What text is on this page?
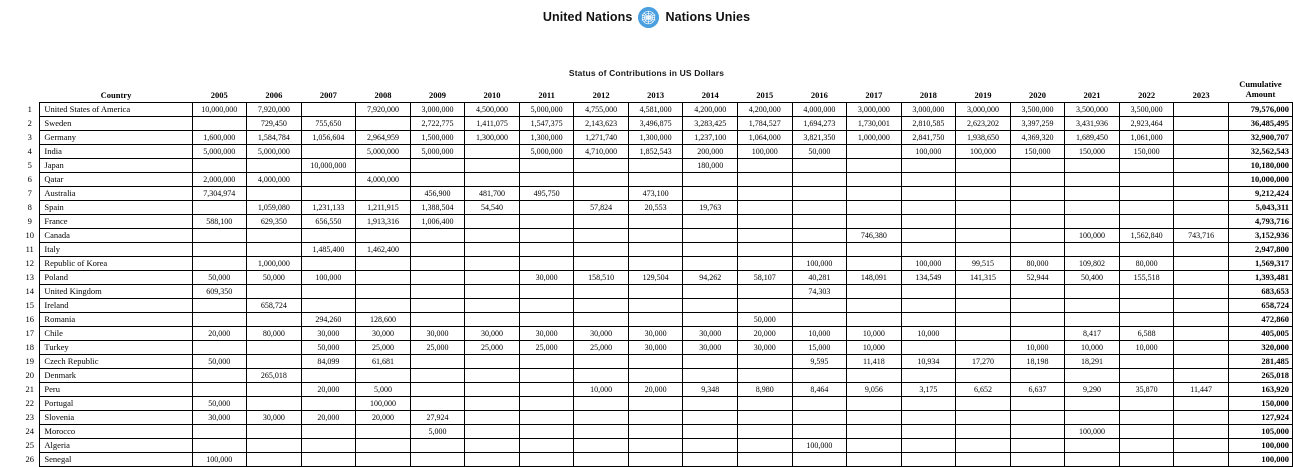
United Nations	Nations Unies
Status of Contributions in US Dollars
	Country	2005	2006	2007	2008	2009	2010	2011	2012	2013	2014	2015	2016	2017	2018	2019	2020	2021	2022	2023	Cumulative
Amount
1	United States of America	10,000,000	7,920,000		7,920,000	3,000,000	4,500,000	5,000,000	4,755,000	4,581,000	4,200,000	4,200,000	4,000,000	3,000,000	3,000,000	3,000,000	3,500,000	3,500,000	3,500,000		79,576,000
2	Sweden		729,450	755,650		2,722,775	1,411,075	1,547,375	2,143,623	3,496,875	3,283,425	1,784,527	1,694,273	1,730,001	2,810,585	2,623,202	3,397,259	3,431,936	2,923,464		36,485,495
3	Germany	1,600,000	1,584,784	1,056,604	2,964,959	1,500,000	1,300,000	1,300,000	1,271,740	1,300,000	1,237,100	1,064,000	3,821,350	1,000,000	2,841,750	1,938,650	4,369,320	1,689,450	1,061,000		32,900,707
4	India	5,000,000	5,000,000		5,000,000	5,000,000		5,000,000	4,710,000	1,852,543	200,000	100,000	50,000		100,000	100,000	150,000	150,000	150,000		32,562,543
5	Japan			10,000,000							180,000										10,180,000
6	Qatar	2,000,000	4,000,000		4,000,000																10,000,000
7	Australia	7,304,974				456,900	481,700	495,750		473,100											9,212,424
8	Spain		1,059,080	1,231,133	1,211,915	1,388,504	54,540		57,824	20,553	19,763										5,043,311
9	France	588,100	629,350	656,550	1,913,316	1,006,400															4,793,716
10	Canada													746,380				100,000	1,562,840	743,716	3,152,936
11	Italy			1,485,400	1,462,400																2,947,800
12	Republic of Korea		1,000,000										100,000		100,000	99,515	80,000	109,802	80,000		1,569,317
13	Poland	50,000	50,000	100,000				30,000	158,510	129,504	94,262	58,107	40,281	148,091	134,549	141,315	52,944	50,400	155,518		1,393,481
14	United Kingdom	609,350											74,303								683,653
15	Ireland		658,724																		658,724
16	Romania			294,260	128,600							50,000									472,860
17	Chile	20,000	80,000	30,000	30,000	30,000	30,000	30,000	30,000	30,000	30,000	20,000	10,000	10,000	10,000			8,417	6,588		405,005
18	Turkey			50,000	25,000	25,000	25,000	25,000	25,000	30,000	30,000	30,000	15,000	10,000			10,000	10,000	10,000		320,000
19	Czech Republic	50,000		84,099	61,681								9,595	11,418	10,934	17,270	18,198	18,291			281,485
20	Denmark		265,018																		265,018
21	Peru			20,000	5,000				10,000	20,000	9,348	8,980	8,464	9,056	3,175	6,652	6,637	9,290	35,870	11,447	163,920
22	Portugal	50,000			100,000																150,000
23	Slovenia	30,000	30,000	20,000	20,000	27,924															127,924
24	Morocco					5,000												100,000			105,000
25	Algeria												100,000								100,000
26	Senegal	100,000																			100,000
